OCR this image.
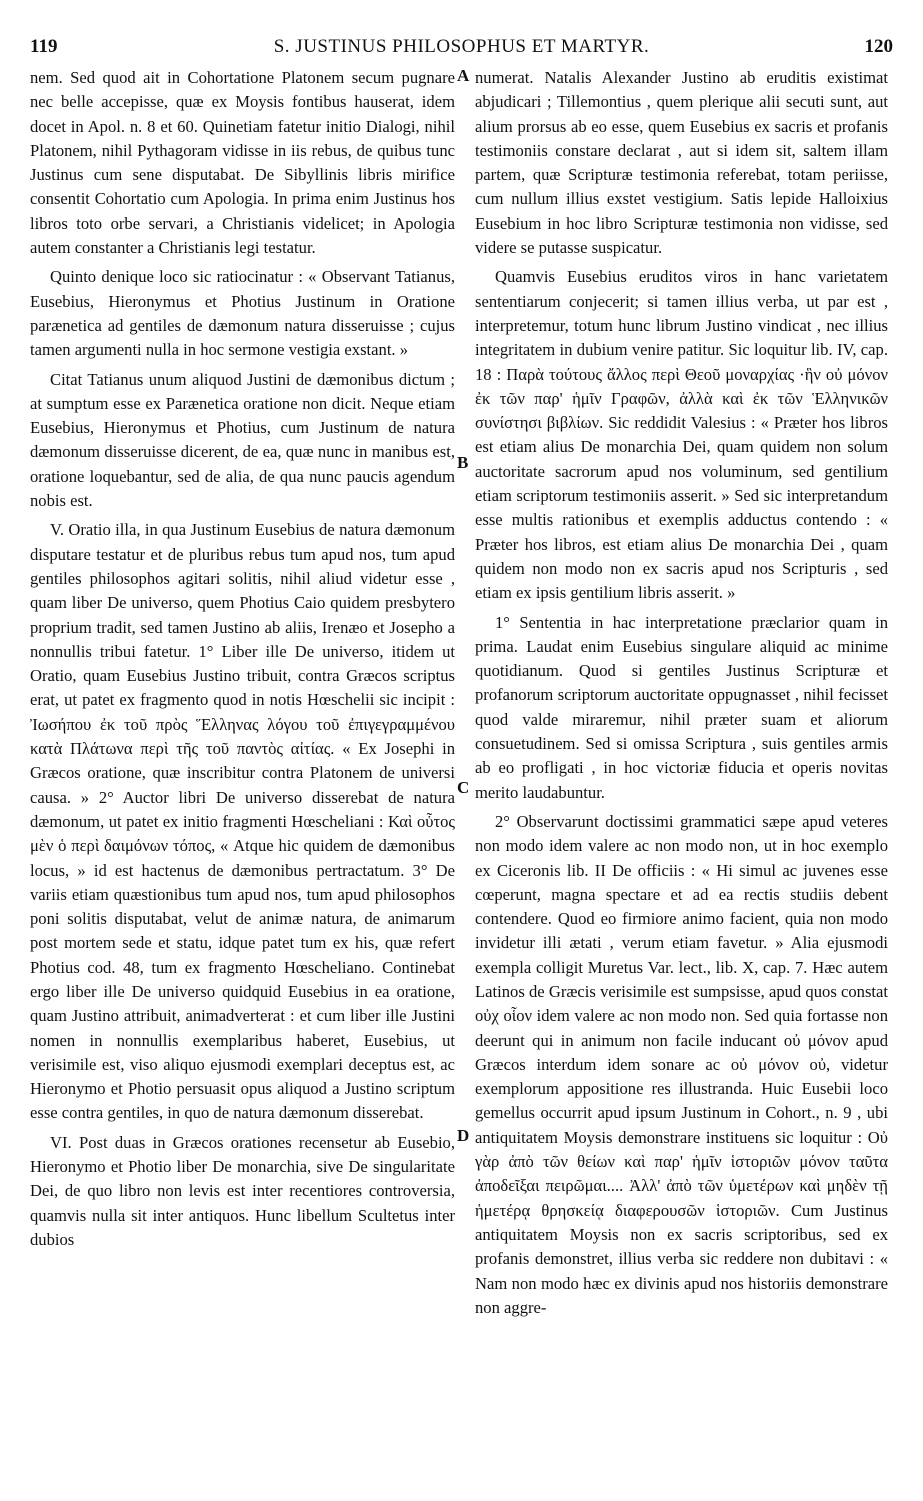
119	S. JUSTINUS PHILOSOPHUS ET MARTYR.	120
A
B
C
D

nem. Sed quod ait in Cohortatione Platonem secum pugnare nec belle accepisse, quæ ex Moysis fontibus hauserat, idem docet in Apol. n. 8 et 60. Quinetiam fatetur initio Dialogi, nihil Platonem, nihil Pythagoram vidisse in iis rebus, de quibus tunc Justinus cum sene disputabat. De Sibyllinis libris mirifice consentit Cohortatio cum Apologia. In prima enim Justinus hos libros toto orbe servari, a Christianis videlicet; in Apologia autem constanter a Christianis legi testatur.

Quinto denique loco sic ratiocinatur : « Observant Tatianus, Eusebius, Hieronymus et Photius Justinum in Oratione parænetica ad gentiles de dæmonum natura disseruisse ; cujus tamen argumenti nulla in hoc sermone vestigia exstant. »

Citat Tatianus unum aliquod Justini de dæmonibus dictum ; at sumptum esse ex Parænetica oratione non dicit. Neque etiam Eusebius, Hieronymus et Photius, cum Justinum de natura dæmonum disseruisse dicerent, de ea, quæ nunc in manibus est, oratione loquebantur, sed de alia, de qua nunc paucis agendum nobis est.

V. Oratio illa, in qua Justinum Eusebius de natura dæmonum disputare testatur et de pluribus rebus tum apud nos, tum apud gentiles philosophos agitari solitis, nihil aliud videtur esse , quam liber De universo, quem Photius Caio quidem presbytero proprium tradit, sed tamen Justino ab aliis, Irenæo et Josepho a nonnullis tribui fatetur. 1° Liber ille De universo, itidem ut Oratio, quam Eusebius Justino tribuit, contra Græcos scriptus erat, ut patet ex fragmento quod in notis Hœschelii sic incipit : Ἰωσήπου ἐκ τοῦ πρὸς Ἕλληνας λόγου τοῦ ἐπιγεγραμμένου κατὰ Πλάτωνα περὶ τῆς τοῦ παντὸς αἰτίας. « Ex Josephi in Græcos oratione, quæ inscribitur contra Platonem de universi causa. » 2° Auctor libri De universo disserebat de natura dæmonum, ut patet ex initio fragmenti Hœscheliani : Καὶ οὗτος μὲν ὁ περὶ δαιμόνων τόπος, « Atque hic quidem de dæmonibus locus, » id est hactenus de dæmonibus pertractatum. 3° De variis etiam quæstionibus tum apud nos, tum apud philosophos poni solitis disputabat, velut de animæ natura, de animarum post mortem sede et statu, idque patet tum ex his, quæ refert Photius cod. 48, tum ex fragmento Hœscheliano. Continebat ergo liber ille De universo quidquid Eusebius in ea oratione, quam Justino attribuit, animadverterat : et cum liber ille Justini nomen in nonnullis exemplaribus haberet, Eusebius, ut verisimile est, viso aliquo ejusmodi exemplari deceptus est, ac Hieronymo et Photio persuasit opus aliquod a Justino scriptum esse contra gentiles, in quo de natura dæmonum disserebat.

VI. Post duas in Græcos orationes recensetur ab Eusebio, Hieronymo et Photio liber De monarchia, sive De singularitate Dei, de quo libro non levis est inter recentiores controversia, quamvis nulla sit inter antiquos. Hunc libellum Scultetus inter dubios

numerat. Natalis Alexander Justino ab eruditis existimat abjudicari ; Tillemontius , quem plerique alii secuti sunt, aut alium prorsus ab eo esse, quem Eusebius ex sacris et profanis testimoniis constare declarat , aut si idem sit, saltem illam partem, quæ Scripturæ testimonia referebat, totam periisse, cum nullum illius exstet vestigium. Satis lepide Halloixius Eusebium in hoc libro Scripturæ testimonia non vidisse, sed videre se putasse suspicatur.

Quamvis Eusebius eruditos viros in hanc varietatem sententiarum conjecerit; si tamen illius verba, ut par est , interpretemur, totum hunc librum Justino vindicat , nec illius integritatem in dubium venire patitur. Sic loquitur lib. IV, cap. 18 : Παρὰ τούτους ἄλλος περὶ Θεοῦ μοναρχίας ·ἣν οὐ μόνον ἐκ τῶν παρ' ἡμῖν Γραφῶν, ἀλλὰ καὶ ἐκ τῶν Ἑλληνικῶν συνίστησι βιβλίων. Sic reddidit Valesius : « Præter hos libros est etiam alius De monarchia Dei, quam quidem non solum auctoritate sacrorum apud nos voluminum, sed gentilium etiam scriptorum testimoniis asserit. » Sed sic interpretandum esse multis rationibus et exemplis adductus contendo : « Præter hos libros, est etiam alius De monarchia Dei , quam quidem non modo non ex sacris apud nos Scripturis , sed etiam ex ipsis gentilium libris asserit. »

1° Sententia in hac interpretatione præclarior quam in prima. Laudat enim Eusebius singulare aliquid ac minime quotidianum. Quod si gentiles Justinus Scripturæ et profanorum scriptorum auctoritate oppugnasset , nihil fecisset quod valde miraremur, nihil præter suam et aliorum consuetudinem. Sed si omissa Scriptura , suis gentiles armis ab eo profligati , in hoc victoriæ fiducia et operis novitas merito laudabuntur.

2° Observarunt doctissimi grammatici sæpe apud veteres non modo idem valere ac non modo non, ut in hoc exemplo ex Ciceronis lib. II De officiis : « Hi simul ac juvenes esse cœperunt, magna spectare et ad ea rectis studiis debent contendere. Quod eo firmiore animo facient, quia non modo invidetur illi ætati , verum etiam favetur. » Alia ejusmodi exempla colligit Muretus Var. lect., lib. X, cap. 7. Hæc autem Latinos de Græcis verisimile est sumpsisse, apud quos constat οὐχ οἷον idem valere ac non modo non. Sed quia fortasse non deerunt qui in animum non facile inducant οὐ μόνον apud Græcos interdum idem sonare ac οὐ μόνον οὐ, videtur exemplorum appositione res illustranda. Huic Eusebii loco gemellus occurrit apud ipsum Justinum in Cohort., n. 9 , ubi antiquitatem Moysis demonstrare instituens sic loquitur : Οὐ γὰρ ἀπὸ τῶν θείων καὶ παρ' ἡμῖν ἱστοριῶν μόνον ταῦτα ἀποδεῖξαι πειρῶμαι.... Ἀλλ' ἀπὸ τῶν ὑμετέρων καὶ μηδὲν τῇ ἡμετέρᾳ θρησκείᾳ διαφερουσῶν ἱστοριῶν. Cum Justinus antiquitatem Moysis non ex sacris scriptoribus, sed ex profanis demonstret, illius verba sic reddere non dubitavi : « Nam non modo hæc ex divinis apud nos historiis demonstrare non aggre-
